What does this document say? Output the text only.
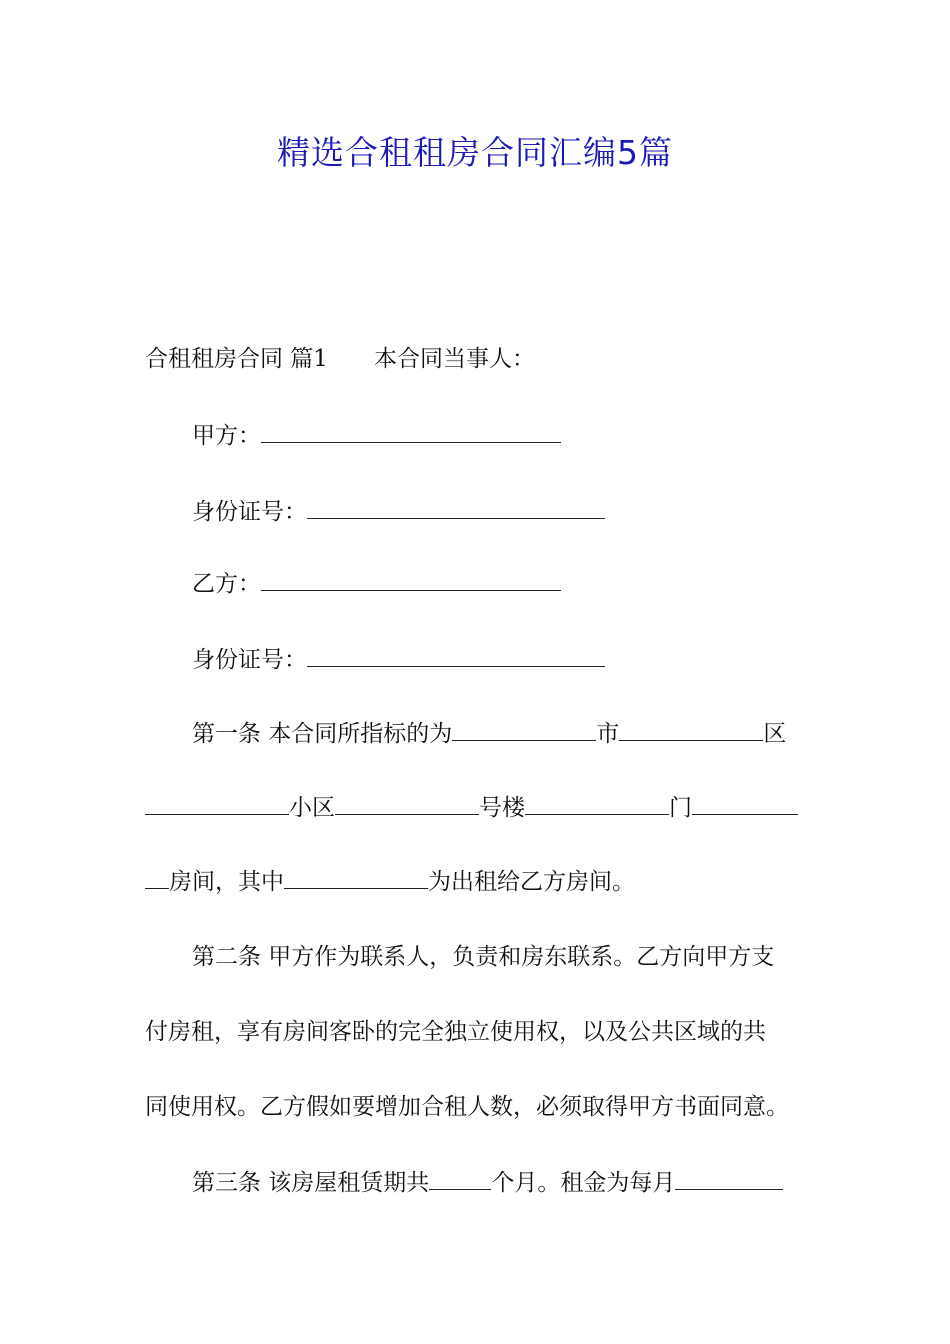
精选合租租房合同汇编5篇
合租租房合同 篇1 本合同当事人：
甲方：
身份证号：
乙方：
身份证号：
第一条 本合同所指标的为	市	区
小区	号楼	门
房间，其中	为出租给乙方房间。
第二条 甲方作为联系人，负责和房东联系。乙方向甲方支
付房租，享有房间客卧的完全独立使用权，以及公共区域的共
同使用权。乙方假如要增加合租人数，必须取得甲方书面同意。
第三条 该房屋租赁期共	个月。租金为每月
